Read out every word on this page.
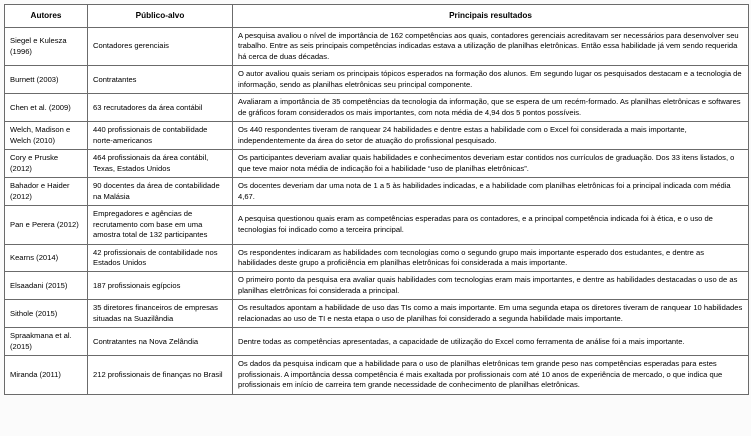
Autores	Público-alvo	Principais resultados
Siegel e Kulesza (1996)	Contadores gerenciais	A pesquisa avaliou o nível de importância de 162 competências aos quais, contadores gerenciais acreditavam ser necessários para desenvolver seu trabalho. Entre as seis principais competências indicadas estava a utilização de planilhas eletrônicas. Então essa habilidade já vem sendo requerida há cerca de duas décadas.
Burnett (2003)	Contratantes	O autor avaliou quais seriam os principais tópicos esperados na formação dos alunos. Em segundo lugar os pesquisados destacam e a tecnologia de informação, sendo as planilhas eletrônicas seu principal componente.
Chen et al. (2009)	63 recrutadores da área contábil	Avaliaram a importância de 35 competências da tecnologia da informação, que se espera de um recém-formado. As planilhas eletrônicas e softwares de gráficos foram considerados os mais importantes, com nota média de 4,94 dos 5 pontos possíveis.
Welch, Madison e Welch (2010)	440 profissionais de contabilidade norte-americanos	Os 440 respondentes tiveram de ranquear 24 habilidades e dentre estas a habilidade com o Excel foi considerada a mais importante, independentemente da área do setor de atuação do profissional pesquisado.
Cory e Pruske (2012)	464 profissionais da área contábil, Texas, Estados Unidos	Os participantes deveriam avaliar quais habilidades e conhecimentos deveriam estar contidos nos currículos de graduação. Dos 33 itens listados, o que teve maior nota média de indicação foi a habilidade “uso de planilhas eletrônicas”.
Bahador e Haider (2012)	90 docentes da área de contabilidade na Malásia	Os docentes deveriam dar uma nota de 1 a 5 às habilidades indicadas, e a habilidade com planilhas eletrônicas foi a principal indicada com média 4,67.
Pan e Perera (2012)	Empregadores e agências de recrutamento com base em uma amostra total de 132 participantes	A pesquisa questionou quais eram as competências esperadas para os contadores, e a principal competência indicada foi à ética, e o uso de tecnologias foi indicado como a terceira principal.
Kearns (2014)	42 profissionais de contabilidade nos Estados Unidos	Os respondentes indicaram as habilidades com tecnologias como o segundo grupo mais importante esperado dos estudantes, e dentre as habilidades deste grupo a proficiência em planilhas eletrônicas foi considerada a mais importante.
Elsaadani (2015)	187 profissionais egípcios	O primeiro ponto da pesquisa era avaliar quais habilidades com tecnologias eram mais importantes, e dentre as habilidades destacadas o uso de as planilhas eletrônicas foi considerada a principal.
Sithole (2015)	35 diretores financeiros de empresas situadas na Suazilândia	Os resultados apontam a habilidade de uso das TIs como a mais importante. Em uma segunda etapa os diretores tiveram de ranquear 10 habilidades relacionadas ao uso de TI e nesta etapa o uso de planilhas foi considerado a segunda habilidade mais importante.
Spraakmana et al. (2015)	Contratantes na Nova Zelândia	Dentre todas as competências apresentadas, a capacidade de utilização do Excel como ferramenta de análise foi a mais importante.
Miranda (2011)	212 profissionais de finanças no Brasil	Os dados da pesquisa indicam que a habilidade para o uso de planilhas eletrônicas tem grande peso nas competências esperadas para estes profissionais. A importância dessa competência é mais exaltada por profissionais com até 10 anos de experiência de mercado, o que indica que profissionais em início de carreira tem grande necessidade de conhecimento de planilhas eletrônicas.
